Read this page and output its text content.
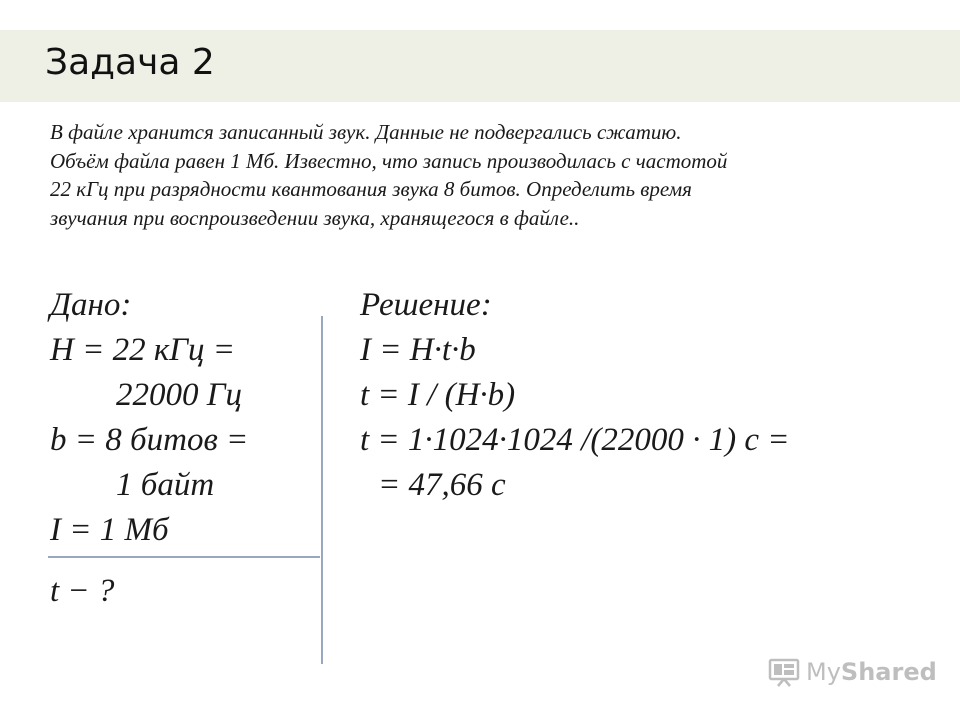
Задача 2
В файле хранится записанный звук. Данные не подвергались сжатию.
Объём файла равен 1 Мб. Известно, что запись производилась с частотой
22 кГц при разрядности квантования звука 8 битов. Определить время
звучания при воспроизведении звука, хранящегося в файле..
Дано:
H = 22 кГц =
22000 Гц
b = 8 битов =
1 байт
I = 1 Мб
t − ?
Решение:
I = H·t·b
t = I / (H·b)
t = 1·1024·1024 /(22000 · 1) с =
= 47,66 с
MyShared
